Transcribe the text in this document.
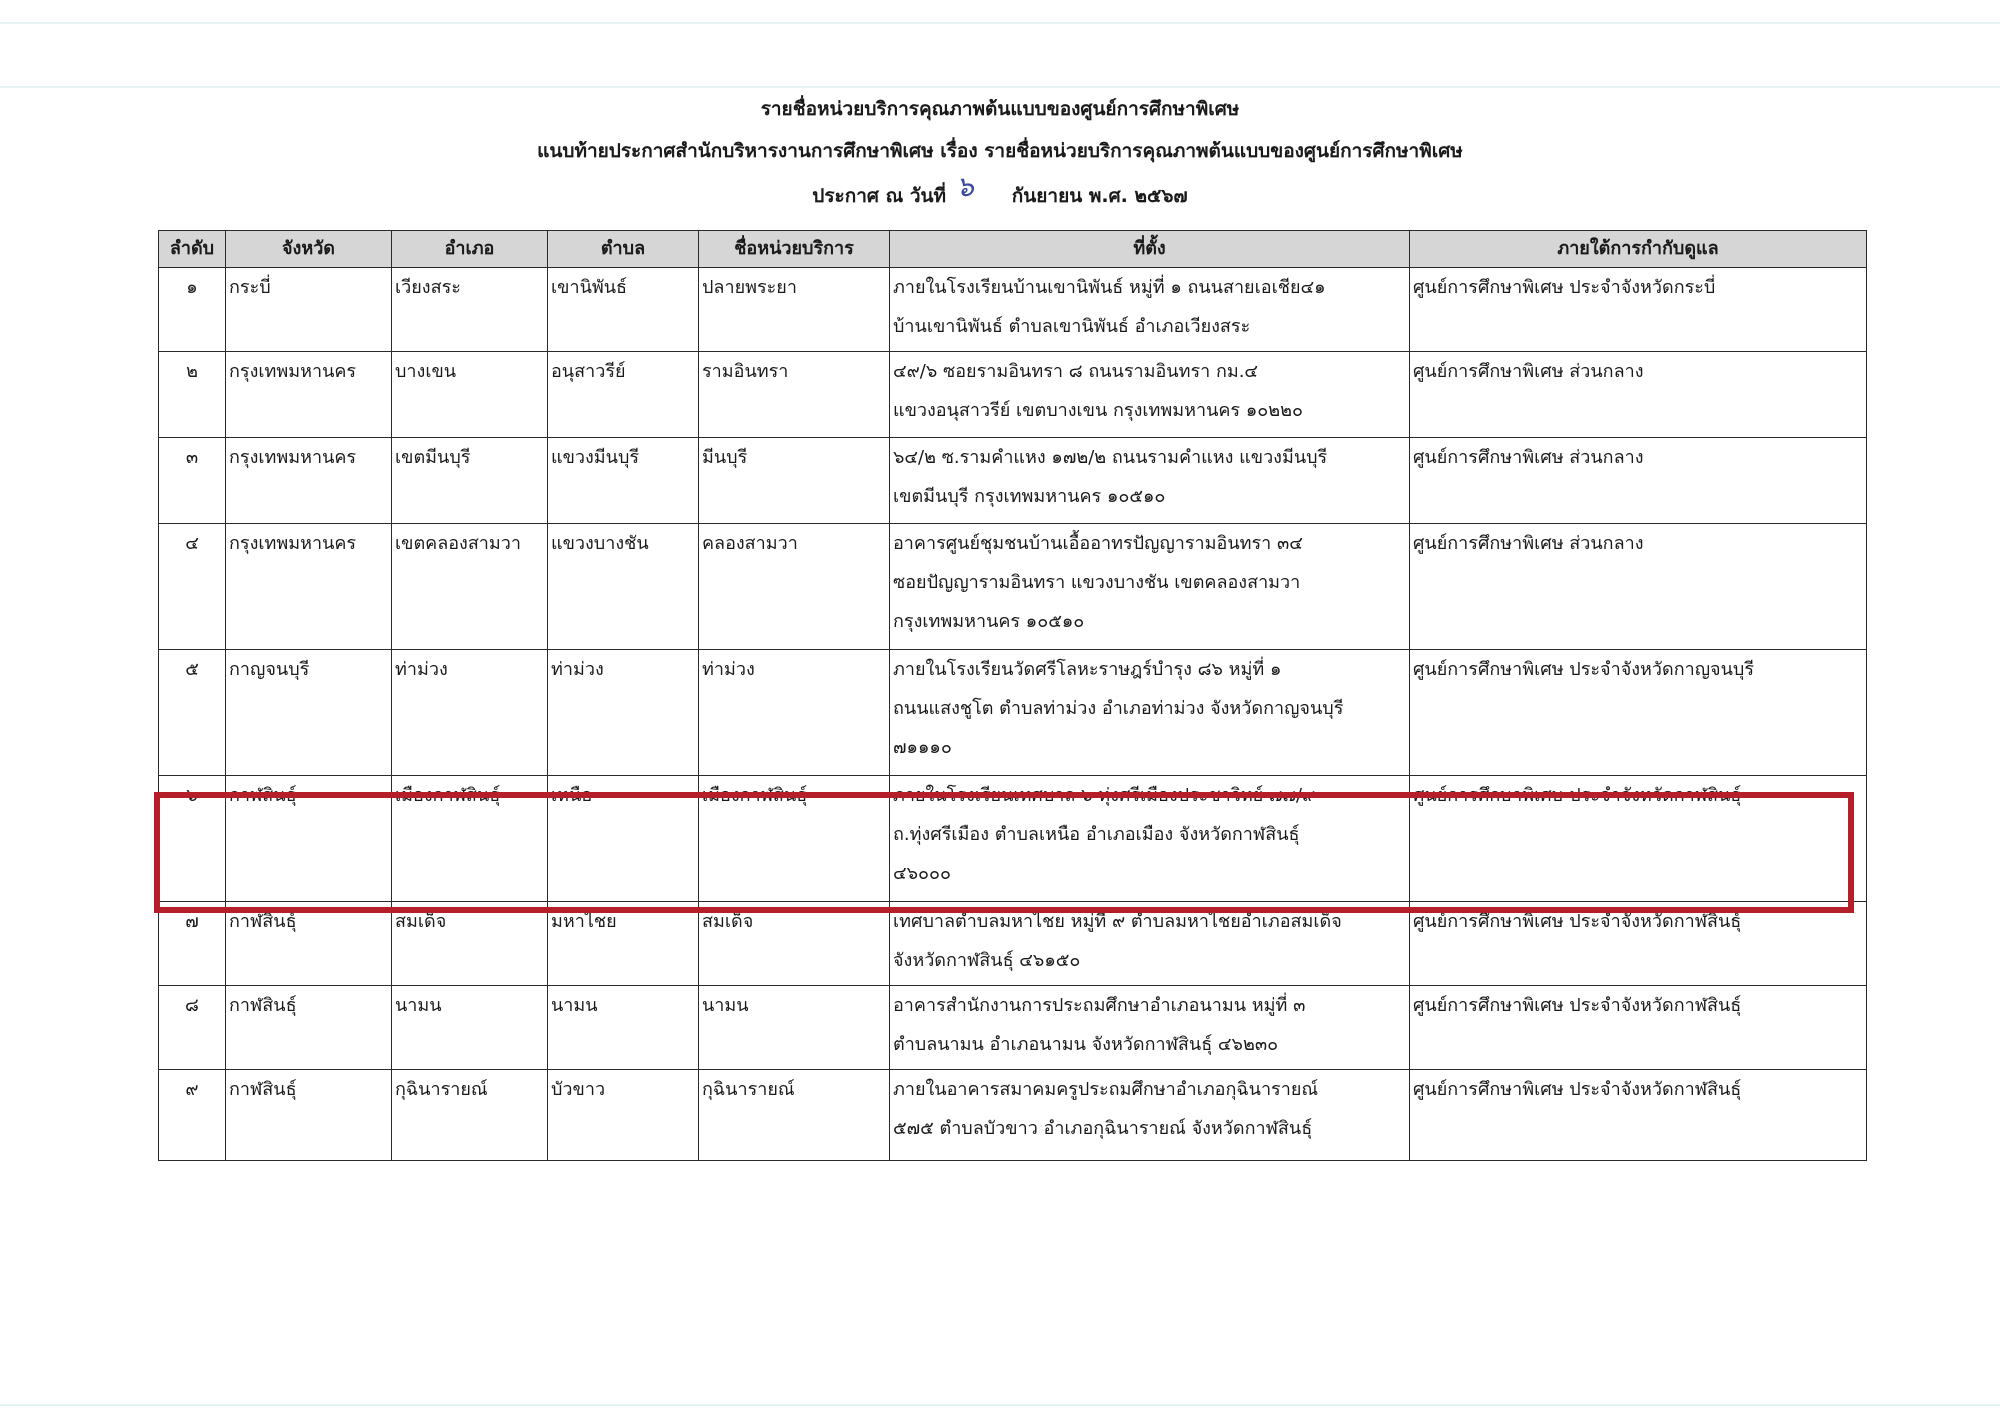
รายชื่อหน่วยบริการคุณภาพต้นแบบของศูนย์การศึกษาพิเศษ
แนบท้ายประกาศสำนักบริหารงานการศึกษาพิเศษ เรื่อง รายชื่อหน่วยบริการคุณภาพต้นแบบของศูนย์การศึกษาพิเศษ
ประกาศ ณ วันที่ ๖ กันยายน พ.ศ. ๒๕๖๗
ลำดับ	จังหวัด	อำเภอ	ตำบล	ชื่อหน่วยบริการ	ที่ตั้ง	ภายใต้การกำกับดูแล
๑	กระบี่	เวียงสระ	เขานิพันธ์	ปลายพระยา	ภายในโรงเรียนบ้านเขานิพันธ์ หมู่ที่ ๑ ถนนสายเอเชีย๔๑
บ้านเขานิพันธ์ ตำบลเขานิพันธ์ อำเภอเวียงสระ	ศูนย์การศึกษาพิเศษ ประจำจังหวัดกระบี่
๒	กรุงเทพมหานคร	บางเขน	อนุสาวรีย์	รามอินทรา	๔๙/๖ ซอยรามอินทรา ๘ ถนนรามอินทรา กม.๔
แขวงอนุสาวรีย์ เขตบางเขน กรุงเทพมหานคร ๑๐๒๒๐	ศูนย์การศึกษาพิเศษ ส่วนกลาง
๓	กรุงเทพมหานคร	เขตมีนบุรี	แขวงมีนบุรี	มีนบุรี	๖๔/๒ ซ.รามคำแหง ๑๗๒/๒ ถนนรามคำแหง แขวงมีนบุรี
เขตมีนบุรี กรุงเทพมหานคร ๑๐๕๑๐	ศูนย์การศึกษาพิเศษ ส่วนกลาง
๔	กรุงเทพมหานคร	เขตคลองสามวา	แขวงบางชัน	คลองสามวา	อาคารศูนย์ชุมชนบ้านเอื้ออาทรปัญญารามอินทรา ๓๔
ซอยปัญญารามอินทรา แขวงบางชัน เขตคลองสามวา
กรุงเทพมหานคร ๑๐๕๑๐	ศูนย์การศึกษาพิเศษ ส่วนกลาง
๕	กาญจนบุรี	ท่าม่วง	ท่าม่วง	ท่าม่วง	ภายในโรงเรียนวัดศรีโลหะราษฎร์บำรุง ๘๖ หมู่ที่ ๑
ถนนแสงชูโต ตำบลท่าม่วง อำเภอท่าม่วง จังหวัดกาญจนบุรี
๗๑๑๑๐	ศูนย์การศึกษาพิเศษ ประจำจังหวัดกาญจนบุรี
๖	กาฬสินธุ์	เมืองกาฬสินธุ์	เหนือ	เมืองกาฬสินธุ์	ภายในโรงเรียนเทศบาล ๖ ทุ่งศรีเมืองประชาวิทย์ ๗๗/๙
ถ.ทุ่งศรีเมือง ตำบลเหนือ อำเภอเมือง จังหวัดกาฬสินธุ์
๔๖๐๐๐	ศูนย์การศึกษาพิเศษ ประจำจังหวัดกาฬสินธุ์
๗	กาฬสินธุ์	สมเด็จ	มหาไชย	สมเด็จ	เทศบาลตำบลมหาไชย หมู่ที่ ๙ ตำบลมหาไชยอำเภอสมเด็จ
จังหวัดกาฬสินธุ์ ๔๖๑๕๐	ศูนย์การศึกษาพิเศษ ประจำจังหวัดกาฬสินธุ์
๘	กาฬสินธุ์	นามน	นามน	นามน	อาคารสำนักงานการประถมศึกษาอำเภอนามน หมู่ที่ ๓
ตำบลนามน อำเภอนามน จังหวัดกาฬสินธุ์ ๔๖๒๓๐	ศูนย์การศึกษาพิเศษ ประจำจังหวัดกาฬสินธุ์
๙	กาฬสินธุ์	กุฉินารายณ์	บัวขาว	กุฉินารายณ์	ภายในอาคารสมาคมครูประถมศึกษาอำเภอกุฉินารายณ์
๕๗๕ ตำบลบัวขาว อำเภอกุฉินารายณ์ จังหวัดกาฬสินธุ์	ศูนย์การศึกษาพิเศษ ประจำจังหวัดกาฬสินธุ์
